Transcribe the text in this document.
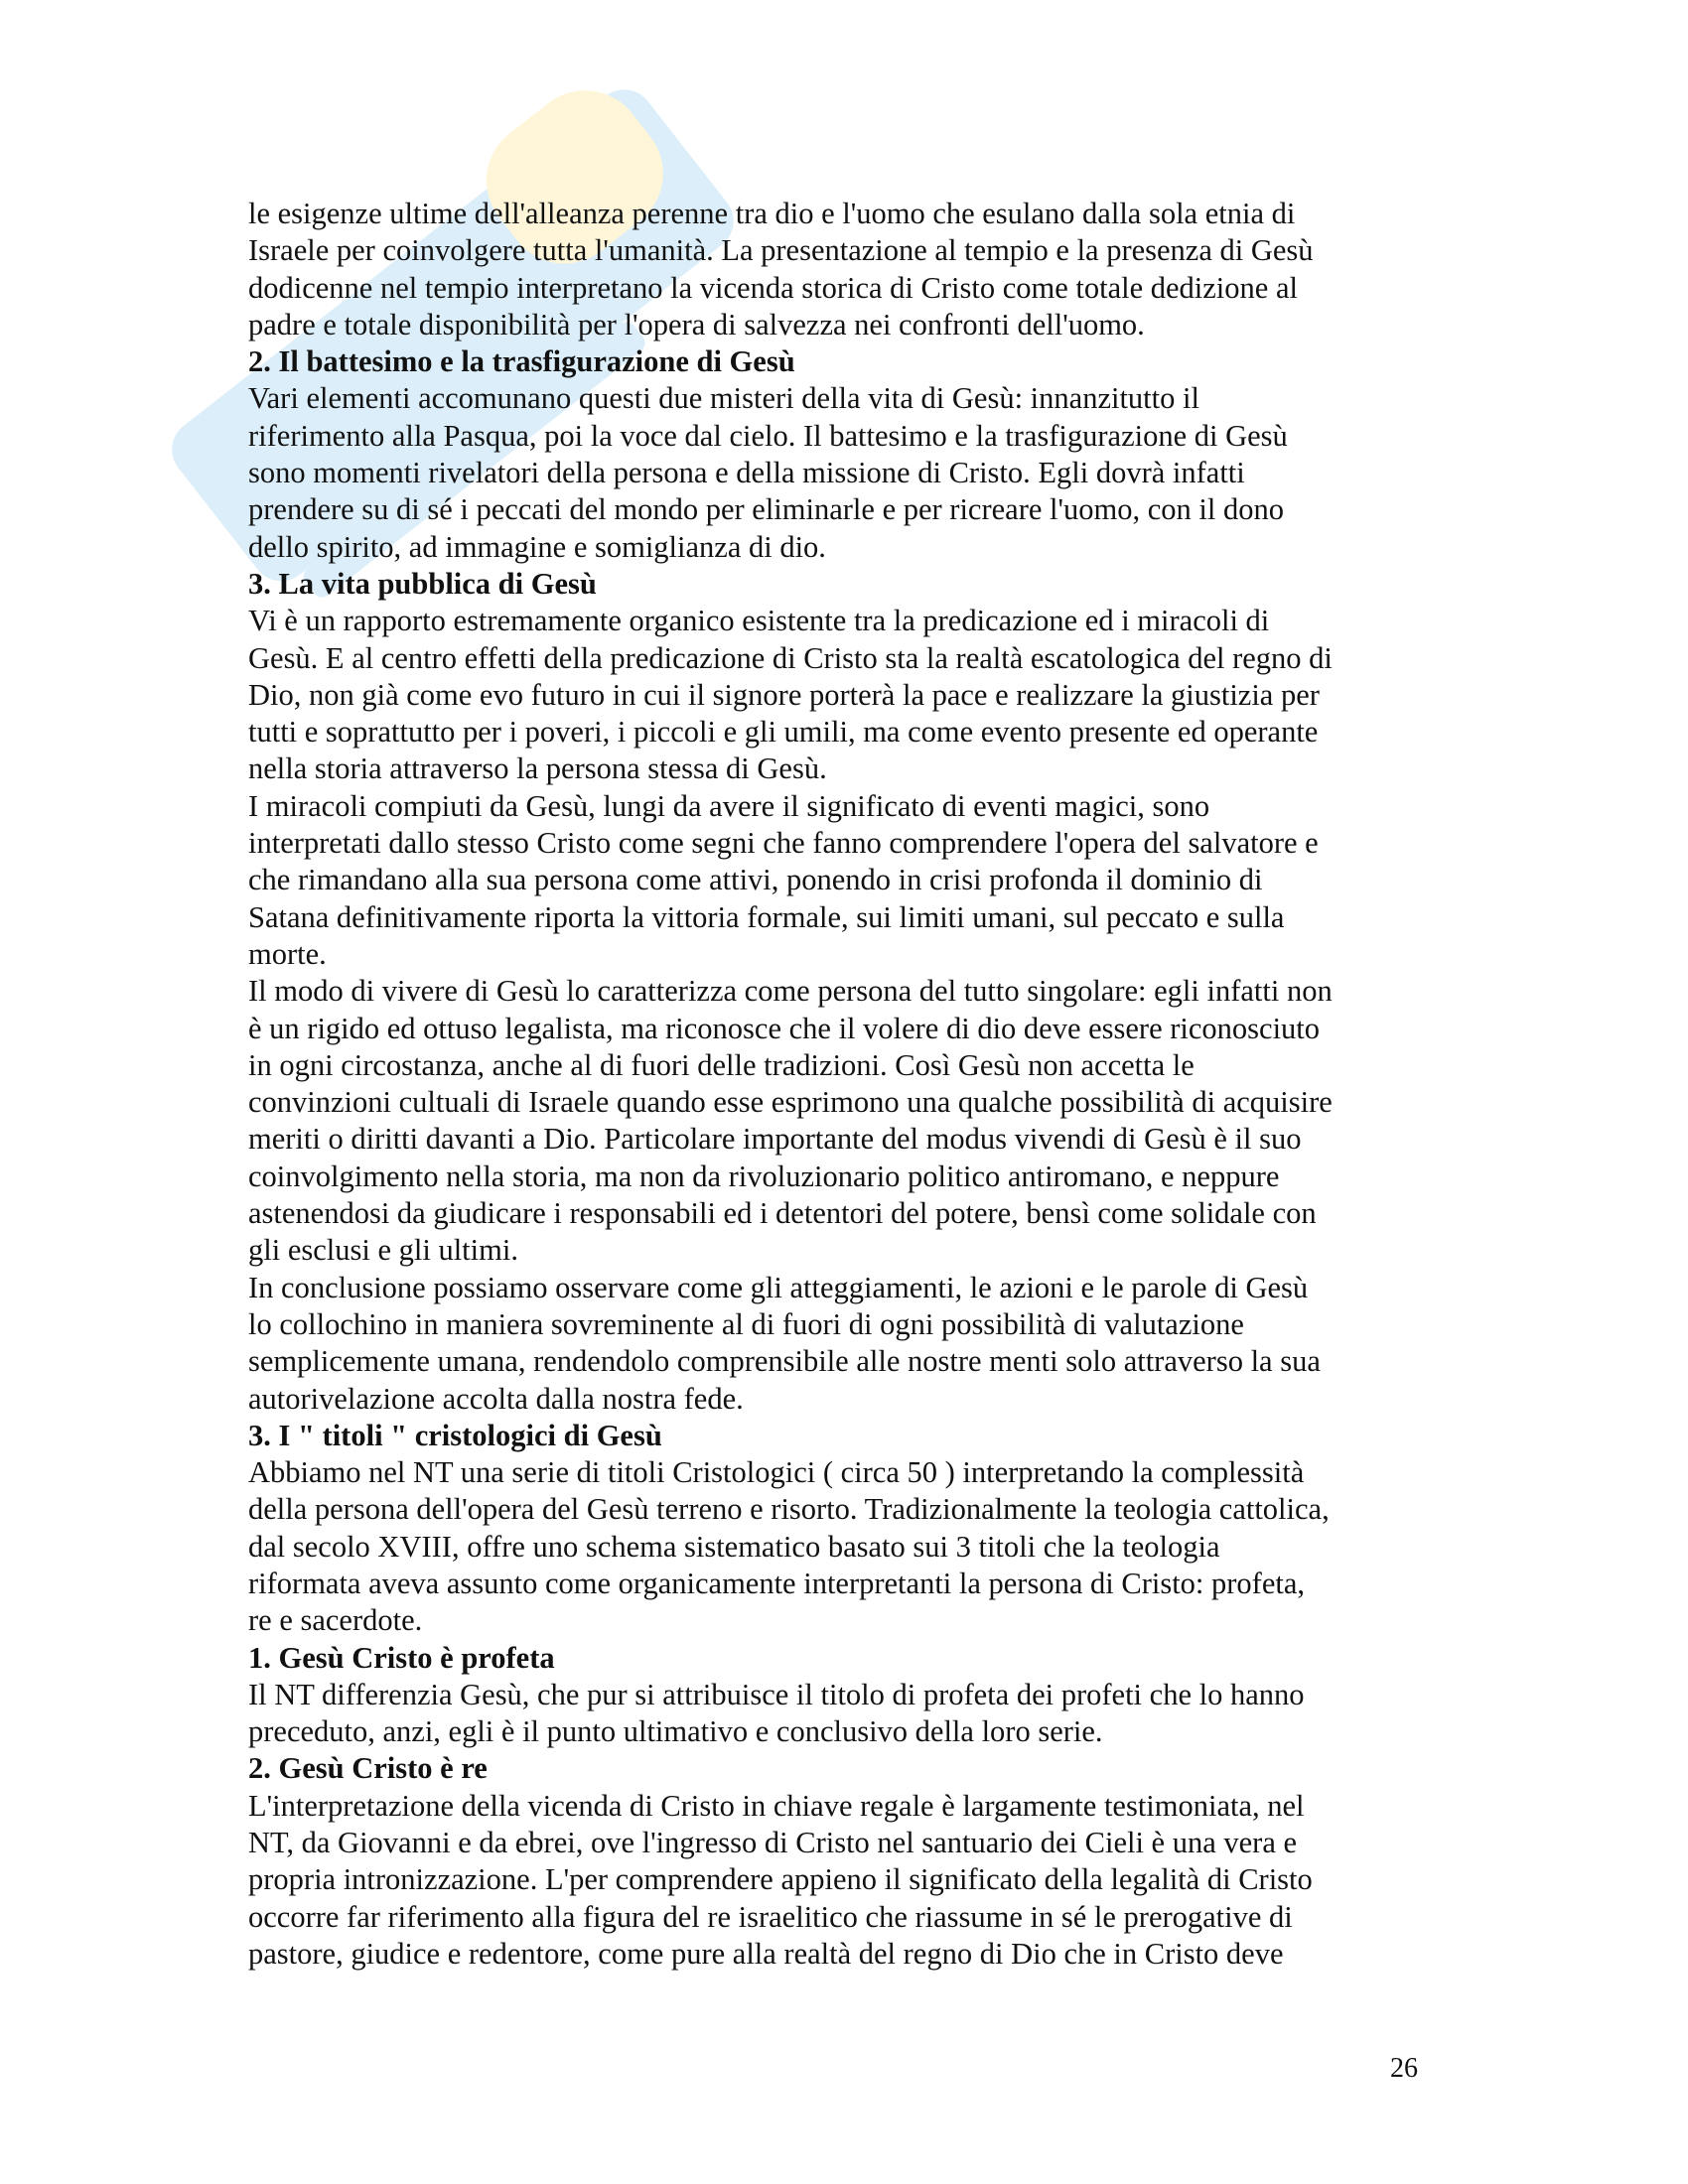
le esigenze ultime dell'alleanza perenne tra dio e l'uomo che esulano dalla sola etnia di
Israele per coinvolgere tutta l'umanità. La presentazione al tempio e la presenza di Gesù
dodicenne nel tempio interpretano la vicenda storica di Cristo come totale dedizione al
padre e totale disponibilità per l'opera di salvezza nei confronti dell'uomo.

2. Il battesimo e la trasfigurazione di Gesù

Vari elementi accomunano questi due misteri della vita di Gesù: innanzitutto il
riferimento alla Pasqua, poi la voce dal cielo. Il battesimo e la trasfigurazione di Gesù
sono momenti rivelatori della persona e della missione di Cristo. Egli dovrà infatti
prendere su di sé i peccati del mondo per eliminarle e per ricreare l'uomo, con il dono
dello spirito, ad immagine e somiglianza di dio.

3. La vita pubblica di Gesù

Vi è un rapporto estremamente organico esistente tra la predicazione ed i miracoli di
Gesù. E al centro effetti della predicazione di Cristo sta la realtà escatologica del regno di
Dio, non già come evo futuro in cui il signore porterà la pace e realizzare la giustizia per
tutti e soprattutto per i poveri, i piccoli e gli umili, ma come evento presente ed operante
nella storia attraverso la persona stessa di Gesù.

I miracoli compiuti da Gesù, lungi da avere il significato di eventi magici, sono
interpretati dallo stesso Cristo come segni che fanno comprendere l'opera del salvatore e
che rimandano alla sua persona come attivi, ponendo in crisi profonda il dominio di
Satana definitivamente riporta la vittoria formale, sui limiti umani, sul peccato e sulla
morte.

Il modo di vivere di Gesù lo caratterizza come persona del tutto singolare: egli infatti non
è un rigido ed ottuso legalista, ma riconosce che il volere di dio deve essere riconosciuto
in ogni circostanza, anche al di fuori delle tradizioni. Così Gesù non accetta le
convinzioni cultuali di Israele quando esse esprimono una qualche possibilità di acquisire
meriti o diritti davanti a Dio. Particolare importante del modus vivendi di Gesù è il suo
coinvolgimento nella storia, ma non da rivoluzionario politico antiromano, e neppure
astenendosi da giudicare i responsabili ed i detentori del potere, bensì come solidale con
gli esclusi e gli ultimi.

In conclusione possiamo osservare come gli atteggiamenti, le azioni e le parole di Gesù
lo collochino in maniera sovreminente al di fuori di ogni possibilità di valutazione
semplicemente umana, rendendolo comprensibile alle nostre menti solo attraverso la sua
autorivelazione accolta dalla nostra fede.

3. I " titoli " cristologici di Gesù

Abbiamo nel NT una serie di titoli Cristologici ( circa 50 ) interpretando la complessità
della persona dell'opera del Gesù terreno e risorto. Tradizionalmente la teologia cattolica,
dal secolo XVIII, offre uno schema sistematico basato sui 3 titoli che la teologia
riformata aveva assunto come organicamente interpretanti la persona di Cristo: profeta,
re e sacerdote.

1. Gesù Cristo è profeta

Il NT differenzia Gesù, che pur si attribuisce il titolo di profeta dei profeti che lo hanno
preceduto, anzi, egli è il punto ultimativo e conclusivo della loro serie.

2. Gesù Cristo è re

L'interpretazione della vicenda di Cristo in chiave regale è largamente testimoniata, nel
NT, da Giovanni e da ebrei, ove l'ingresso di Cristo nel santuario dei Cieli è una vera e
propria intronizzazione. L'per comprendere appieno il significato della legalità di Cristo
occorre far riferimento alla figura del re israelitico che riassume in sé le prerogative di
pastore, giudice e redentore, come pure alla realtà del regno di Dio che in Cristo deve

26
